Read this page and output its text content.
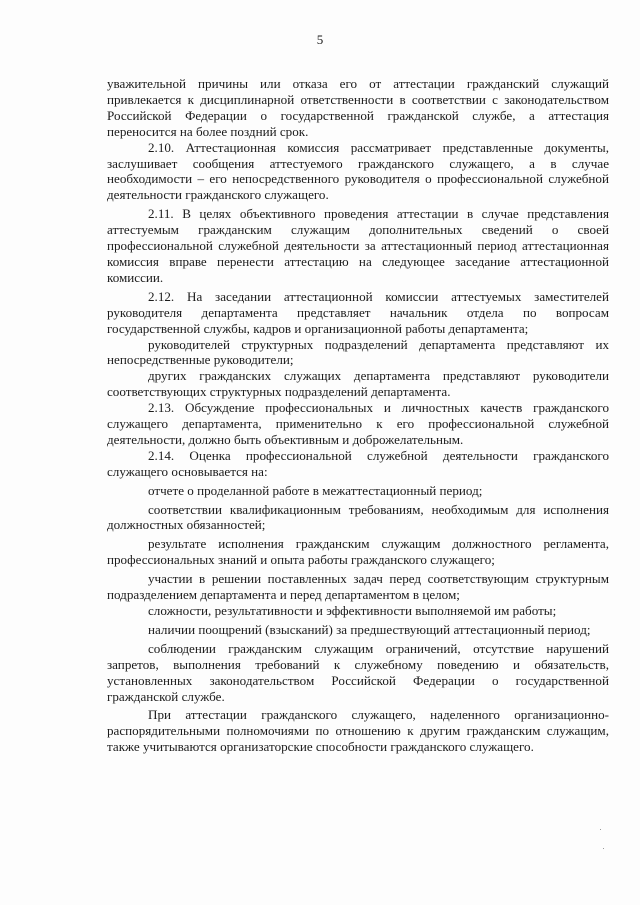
5

уважительной причины или отказа его от аттестации гражданский служащий привлекается к дисциплинарной ответственности в соответствии с законодательством Российской Федерации о государственной гражданской службе, а аттестация переносится на более поздний срок.

2.10. Аттестационная комиссия рассматривает представленные документы, заслушивает сообщения аттестуемого гражданского служащего, а в случае необходимости – его непосредственного руководителя о профессиональной служебной деятельности гражданского служащего.

2.11. В целях объективного проведения аттестации в случае представления аттестуемым гражданским служащим дополнительных сведений о своей профессиональной служебной деятельности за аттестационный период аттестационная комиссия вправе перенести аттестацию на следующее заседание аттестационной комиссии.

2.12. На заседании аттестационной комиссии аттестуемых заместителей руководителя департамента представляет начальник отдела по вопросам государственной службы, кадров и организационной работы департамента;

руководителей структурных подразделений департамента представляют их непосредственные руководители;

других гражданских служащих департамента представляют руководители соответствующих структурных подразделений департамента.

2.13. Обсуждение профессиональных и личностных качеств гражданского служащего департамента, применительно к его профессиональной служебной деятельности, должно быть объективным и доброжелательным.

2.14. Оценка профессиональной служебной деятельности гражданского служащего основывается на:

отчете о проделанной работе в межаттестационный период;

соответствии квалификационным требованиям, необходимым для исполнения должностных обязанностей;

результате исполнения гражданским служащим должностного регламента, профессиональных знаний и опыта работы гражданского служащего;

участии в решении поставленных задач перед соответствующим структурным подразделением департамента и перед департаментом в целом;

сложности, результативности и эффективности выполняемой им работы;

наличии поощрений (взысканий) за предшествующий аттестационный период;

соблюдении гражданским служащим ограничений, отсутствие нарушений запретов, выполнения требований к служебному поведению и обязательств, установленных законодательством Российской Федерации о государственной гражданской службе.

При аттестации гражданского служащего, наделенного организационно-распорядительными полномочиями по отношению к другим гражданским служащим, также учитываются организаторские способности гражданского служащего.
